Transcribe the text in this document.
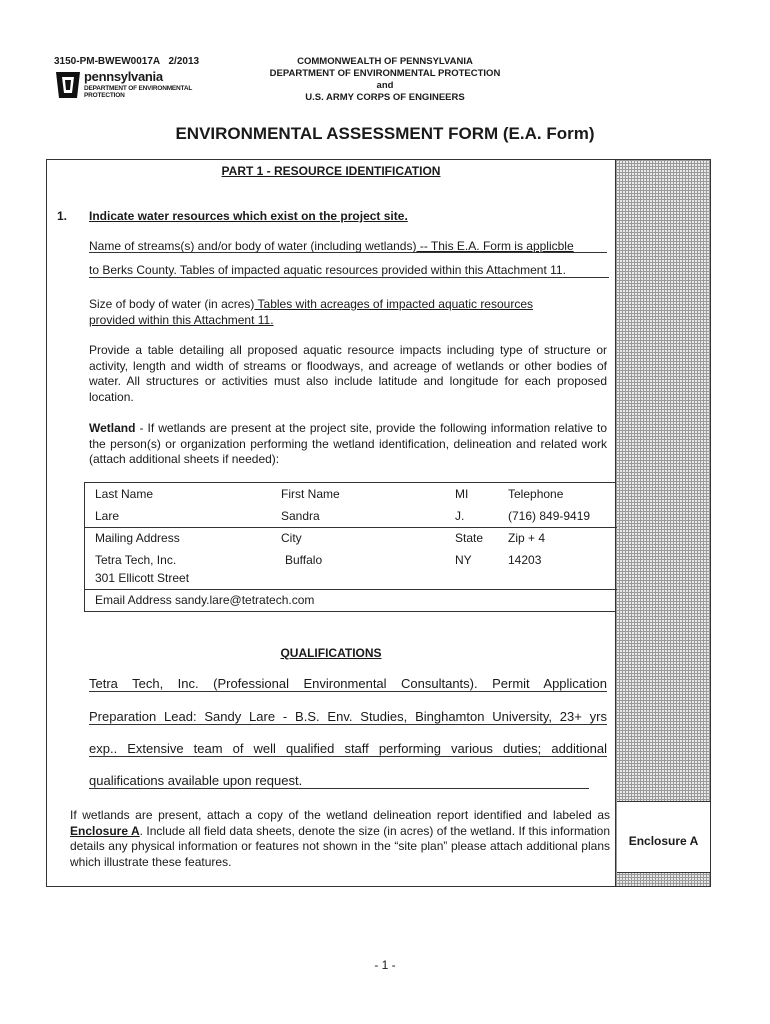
3150-PM-BWEW0017A 2/2013
pennsylvania
DEPARTMENT OF ENVIRONMENTAL
PROTECTION
COMMONWEALTH OF PENNSYLVANIA
DEPARTMENT OF ENVIRONMENTAL PROTECTION
and
U.S. ARMY CORPS OF ENGINEERS
ENVIRONMENTAL ASSESSMENT FORM (E.A. Form)
Enclosure A
PART 1 - RESOURCE IDENTIFICATION
1. Indicate water resources which exist on the project site.
Name of streams(s) and/or body of water (including wetlands) -- This E.A. Form is applicble
to Berks County. Tables of impacted aquatic resources provided within this Attachment 11.
Size of body of water (in acres) Tables with acreages of impacted aquatic resources
provided within this Attachment 11.
Provide a table detailing all proposed aquatic resource impacts including type of structure or activity, length and width of streams or floodways, and acreage of wetlands or other bodies of water. All structures or activities must also include latitude and longitude for each proposed location.
Wetland - If wetlands are present at the project site, provide the following information relative to the person(s) or organization performing the wetland identification, delineation and related work (attach additional sheets if needed):
Last Name	First Name	MI	Telephone
Lare	Sandra	J.	(716) 849-9419
Mailing Address	City	State Zip + 4
Tetra Tech, Inc.	Buffalo	NY	14203
301 Ellicott Street
Email Address sandy.lare@tetratech.com
QUALIFICATIONS
Tetra Tech, Inc. (Professional Environmental Consultants). Permit Application
Preparation Lead: Sandy Lare - B.S. Env. Studies, Binghamton University, 23+ yrs
exp.. Extensive team of well qualified staff performing various duties; additional
qualifications available upon request.
If wetlands are present, attach a copy of the wetland delineation report identified and labeled as Enclosure A. Include all field data sheets, denote the size (in acres) of the wetland. If this information details any physical information or features not shown in the “site plan” please attach additional plans which illustrate these features.
- 1 -
